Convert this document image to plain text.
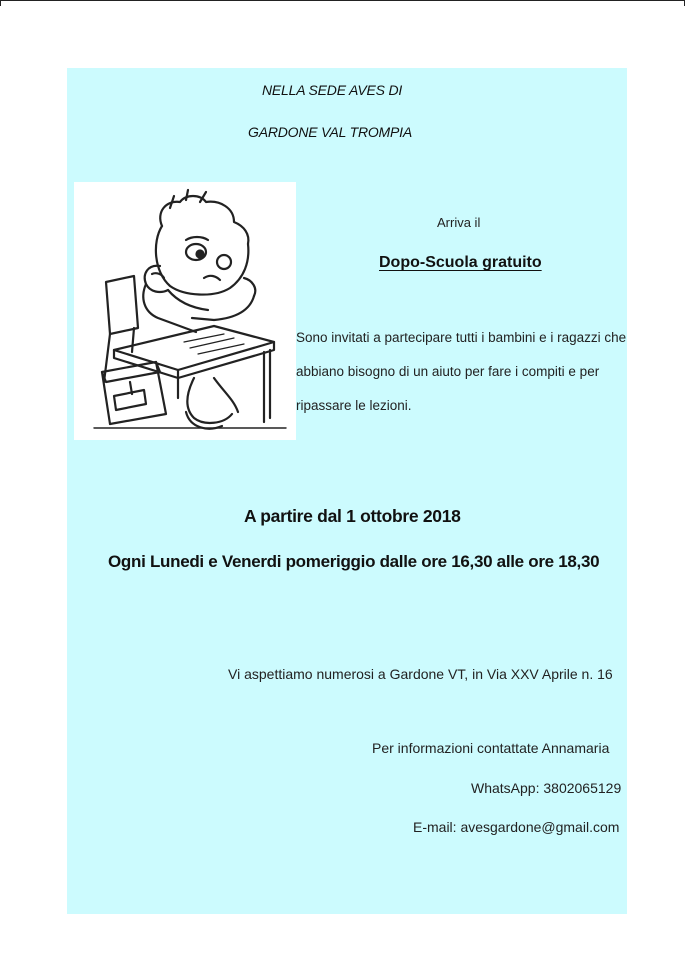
NELLA SEDE AVES DI
GARDONE VAL TROMPIA
Arriva il
Dopo-Scuola gratuito
Sono invitati a partecipare tutti i bambini e i ragazzi che
abbiano bisogno di un aiuto per fare i compiti e per
ripassare le lezioni.
A partire dal 1 ottobre 2018
Ogni Lunedi e Venerdi pomeriggio dalle ore 16,30 alle ore 18,30
Vi aspettiamo numerosi a Gardone VT, in Via XXV Aprile n. 16
Per informazioni contattate Annamaria
WhatsApp: 3802065129
E-mail: avesgardone@gmail.com
